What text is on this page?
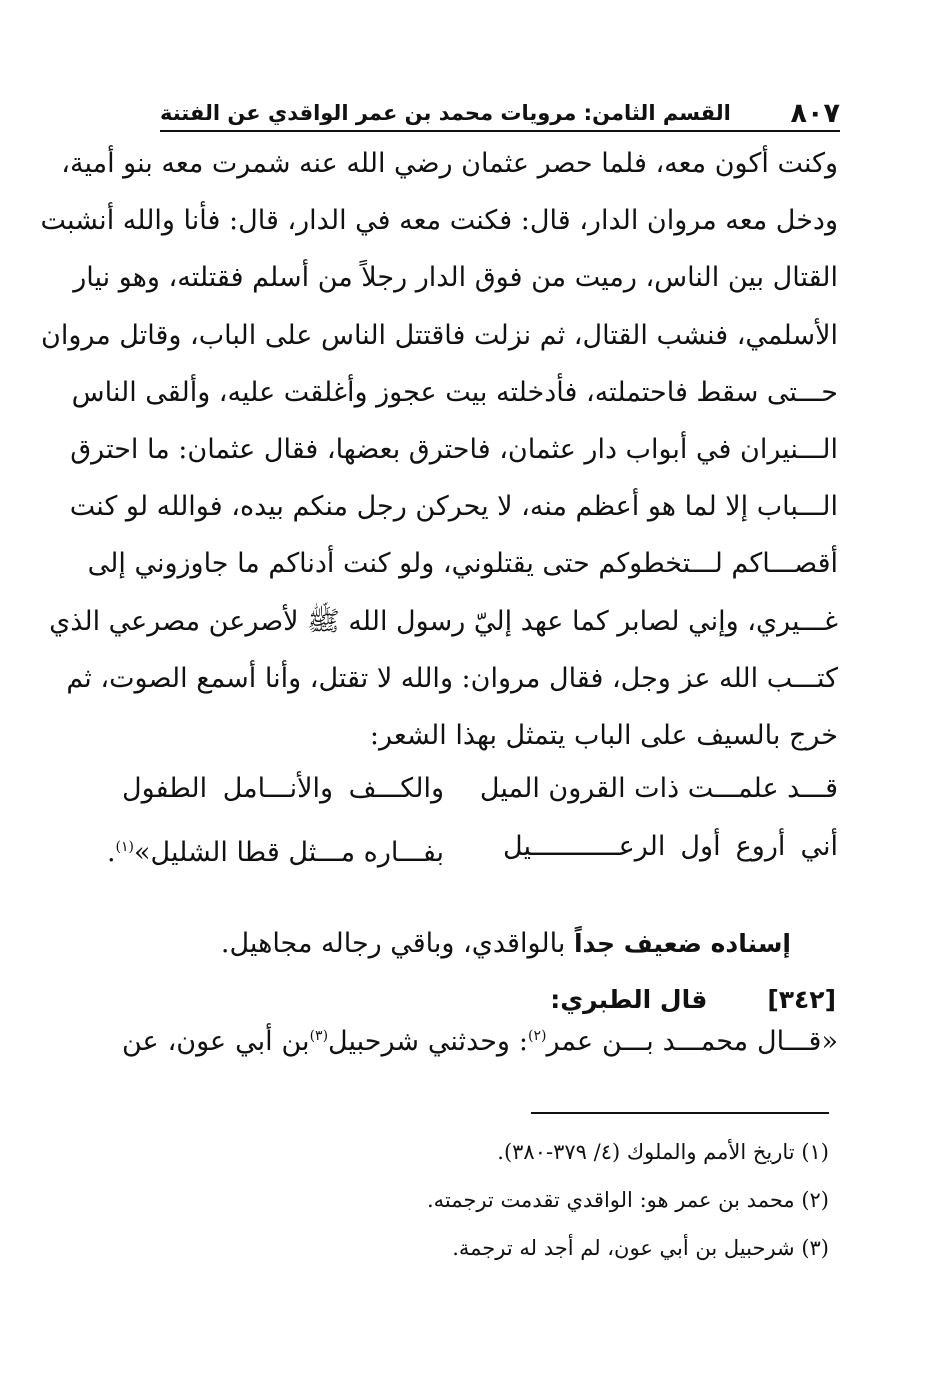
٨٠٧
القسم الثامن: مرويات محمد بن عمر الواقدي عن الفتنة
وكنت أكون معه، فلما حصر عثمان رضي الله عنه شمرت معه بنو أمية،
ودخل معه مروان الدار، قال: فكنت معه في الدار، قال: فأنا والله أنشبت
القتال بين الناس، رميت من فوق الدار رجلاً من أسلم فقتلته، وهو نيار
الأسلمي، فنشب القتال، ثم نزلت فاقتتل الناس على الباب، وقاتل مروان
حـــتى سقط فاحتملته، فأدخلته بيت عجوز وأغلقت عليه، وألقى الناس
الـــنيران في أبواب دار عثمان، فاحترق بعضها، فقال عثمان: ما احترق
الـــباب إلا لما هو أعظم منه، لا يحركن رجل منكم بيده، فوالله لو كنت
أقصـــاكم لـــتخطوكم حتى يقتلوني، ولو كنت أدناكم ما جاوزوني إلى
غـــيري، وإني لصابر كما عهد إليّ رسول الله ﷺ لأصرعن مصرعي الذي
كتـــب الله عز وجل، فقال مروان: والله لا تقتل، وأنا أسمع الصوت، ثم
خرج بالسيف على الباب يتمثل بهذا الشعر:
قـــد علمـــت ذات القرون الميل
والكـــف والأنـــامل الطفول
أني أروع أول الرعـــــــــــيل
بفـــاره مـــثل قطا الشليل»$^{(١)}$.
إسناده ضعيف جداً بالواقدي، وباقي رجاله مجاهيل.
[٣٤٢]قال الطبري:
«قـــال محمـــد بـــن عمر$^{(٢)}$: وحدثني شرحبيل$^{(٣)}$بن أبي عون، عن
(١) تاريخ الأمم والملوك (٤/ ٣٧٩-٣٨٠).
(٢) محمد بن عمر هو: الواقدي تقدمت ترجمته.
(٣) شرحبيل بن أبي عون، لم أجد له ترجمة.
